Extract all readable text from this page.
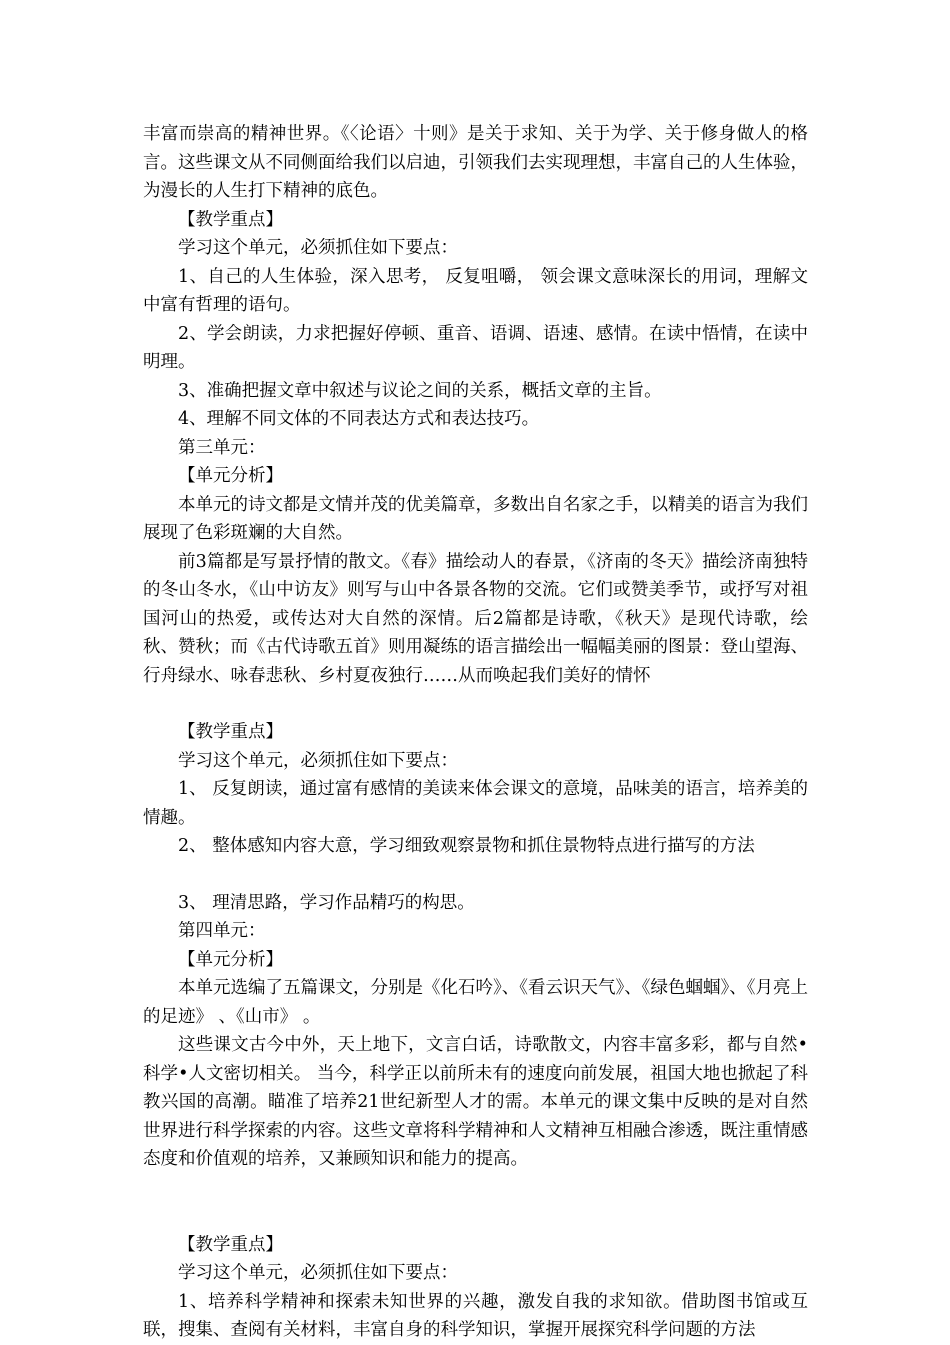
丰富而崇高的精神世界。《〈论语〉十则》是关于求知、关于为学、关于修身做人的格言。这些课文从不同侧面给我们以启迪，引领我们去实现理想，丰富自己的人生体验，为漫长的人生打下精神的底色。

【教学重点】

学习这个单元，必须抓住如下要点：

1、自己的人生体验，深入思考， 反复咀嚼， 领会课文意味深长的用词，理解文中富有哲理的语句。

2、学会朗读，力求把握好停顿、重音、语调、语速、感情。在读中悟情，在读中明理。

3、准确把握文章中叙述与议论之间的关系，概括文章的主旨。

4、理解不同文体的不同表达方式和表达技巧。

第三单元：

【单元分析】

本单元的诗文都是文情并茂的优美篇章，多数出自名家之手，以精美的语言为我们展现了色彩斑斓的大自然。

前3篇都是写景抒情的散文。《春》描绘动人的春景，《济南的冬天》描绘济南独特的冬山冬水，《山中访友》则写与山中各景各物的交流。它们或赞美季节，或抒写对祖国河山的热爱，或传达对大自然的深情。后2篇都是诗歌，《秋天》是现代诗歌，绘秋、赞秋；而《古代诗歌五首》则用凝练的语言描绘出一幅幅美丽的图景：登山望海、行舟绿水、咏春悲秋、乡村夏夜独行……从而唤起我们美好的情怀

【教学重点】

学习这个单元，必须抓住如下要点：

1、 反复朗读，通过富有感情的美读来体会课文的意境，品味美的语言，培养美的情趣。

2、 整体感知内容大意，学习细致观察景物和抓住景物特点进行描写的方法

3、 理清思路，学习作品精巧的构思。

第四单元：

【单元分析】

本单元选编了五篇课文，分别是《化石吟》、《看云识天气》、《绿色蝈蝈》、《月亮上的足迹》 、《山市》 。

这些课文古今中外，天上地下，文言白话，诗歌散文，内容丰富多彩，都与自然•科学•人文密切相关。 当今，科学正以前所未有的速度向前发展，祖国大地也掀起了科教兴国的高潮。瞄准了培养21世纪新型人才的需。本单元的课文集中反映的是对自然世界进行科学探索的内容。这些文章将科学精神和人文精神互相融合渗透，既注重情感态度和价值观的培养，又兼顾知识和能力的提高。

【教学重点】

学习这个单元，必须抓住如下要点：

1、培养科学精神和探索未知世界的兴趣，激发自我的求知欲。借助图书馆或互联，搜集、查阅有关材料，丰富自身的科学知识，掌握开展探究科学问题的方法
